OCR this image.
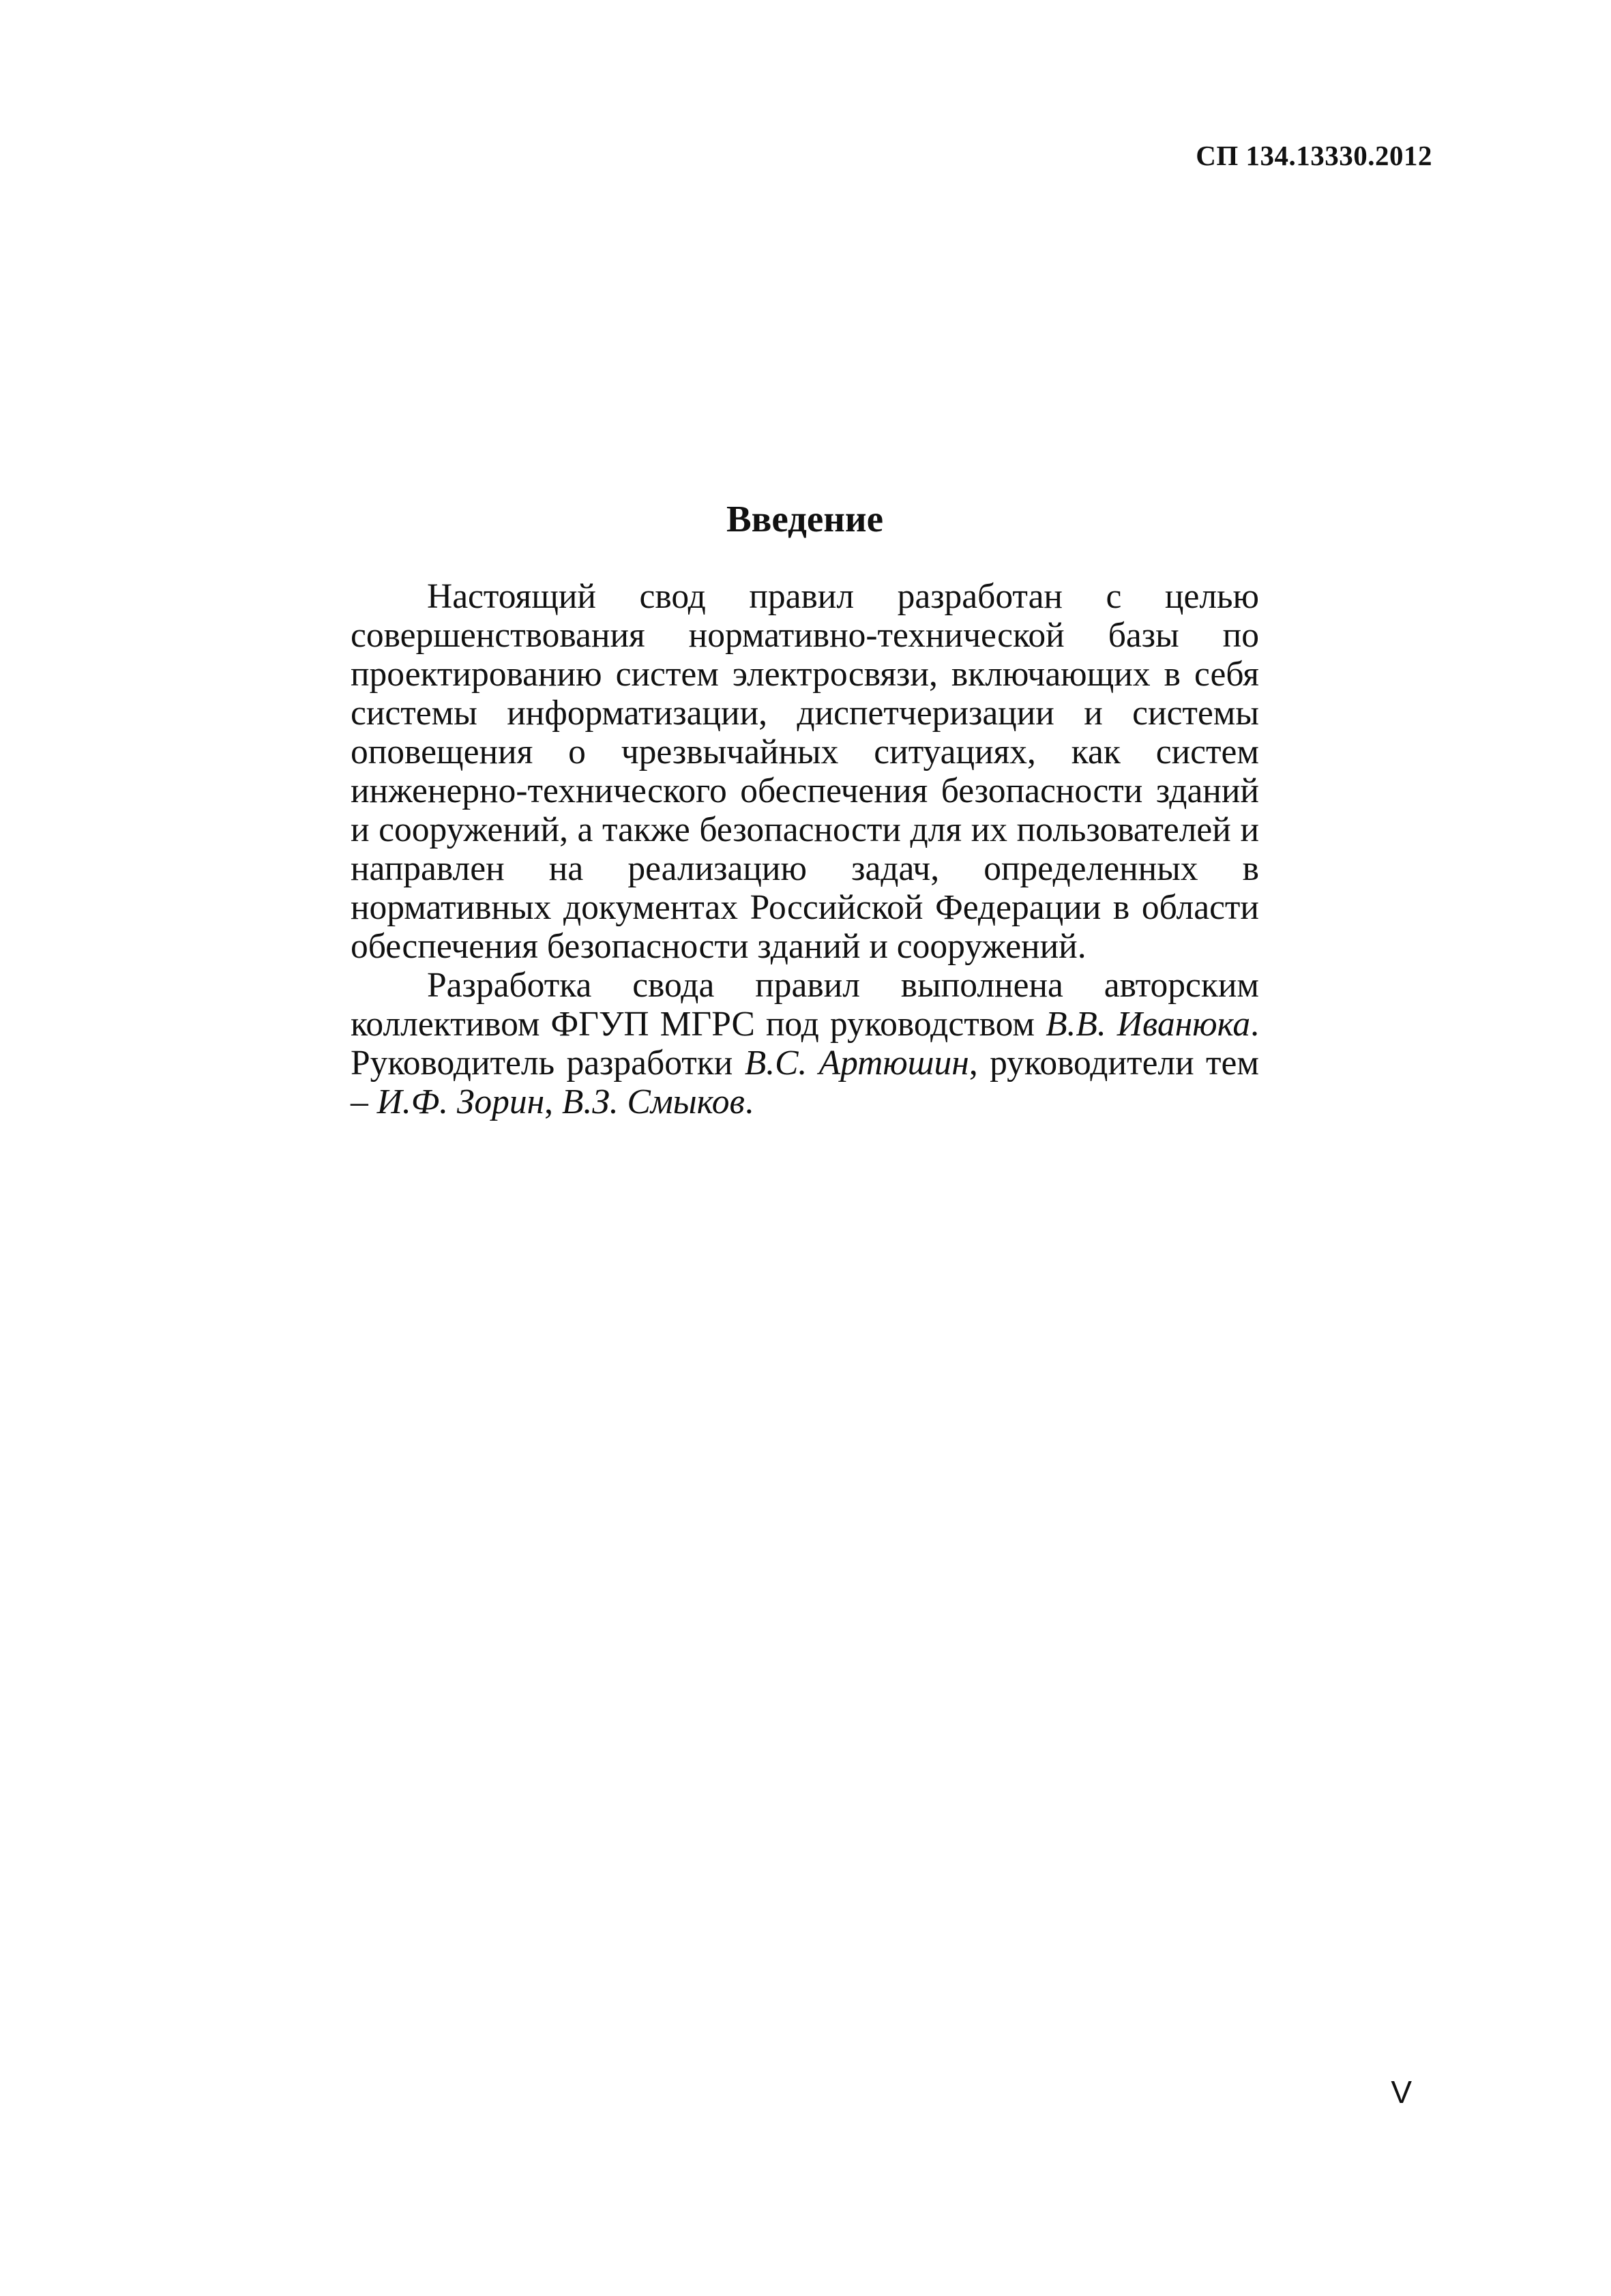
СП 134.13330.2012

Введение

Настоящий свод правил разработан с целью совершенствования нормативно-технической базы по проектированию систем электросвязи, включающих в себя системы информатизации, диспетчеризации и системы оповещения о чрезвычайных ситуациях, как систем инженерно-технического обеспечения безопасности зданий и сооружений, а также безопасности для их пользователей и направлен на реализацию задач, определенных в нормативных документах Российской Федерации в области обеспечения безопасности зданий и сооружений.

Разработка свода правил выполнена авторским коллективом ФГУП МГРС под руководством В.В. Иванюка. Руководитель разработки В.С. Артюшин, руководители тем – И.Ф. Зорин, В.З. Смыков.

V
